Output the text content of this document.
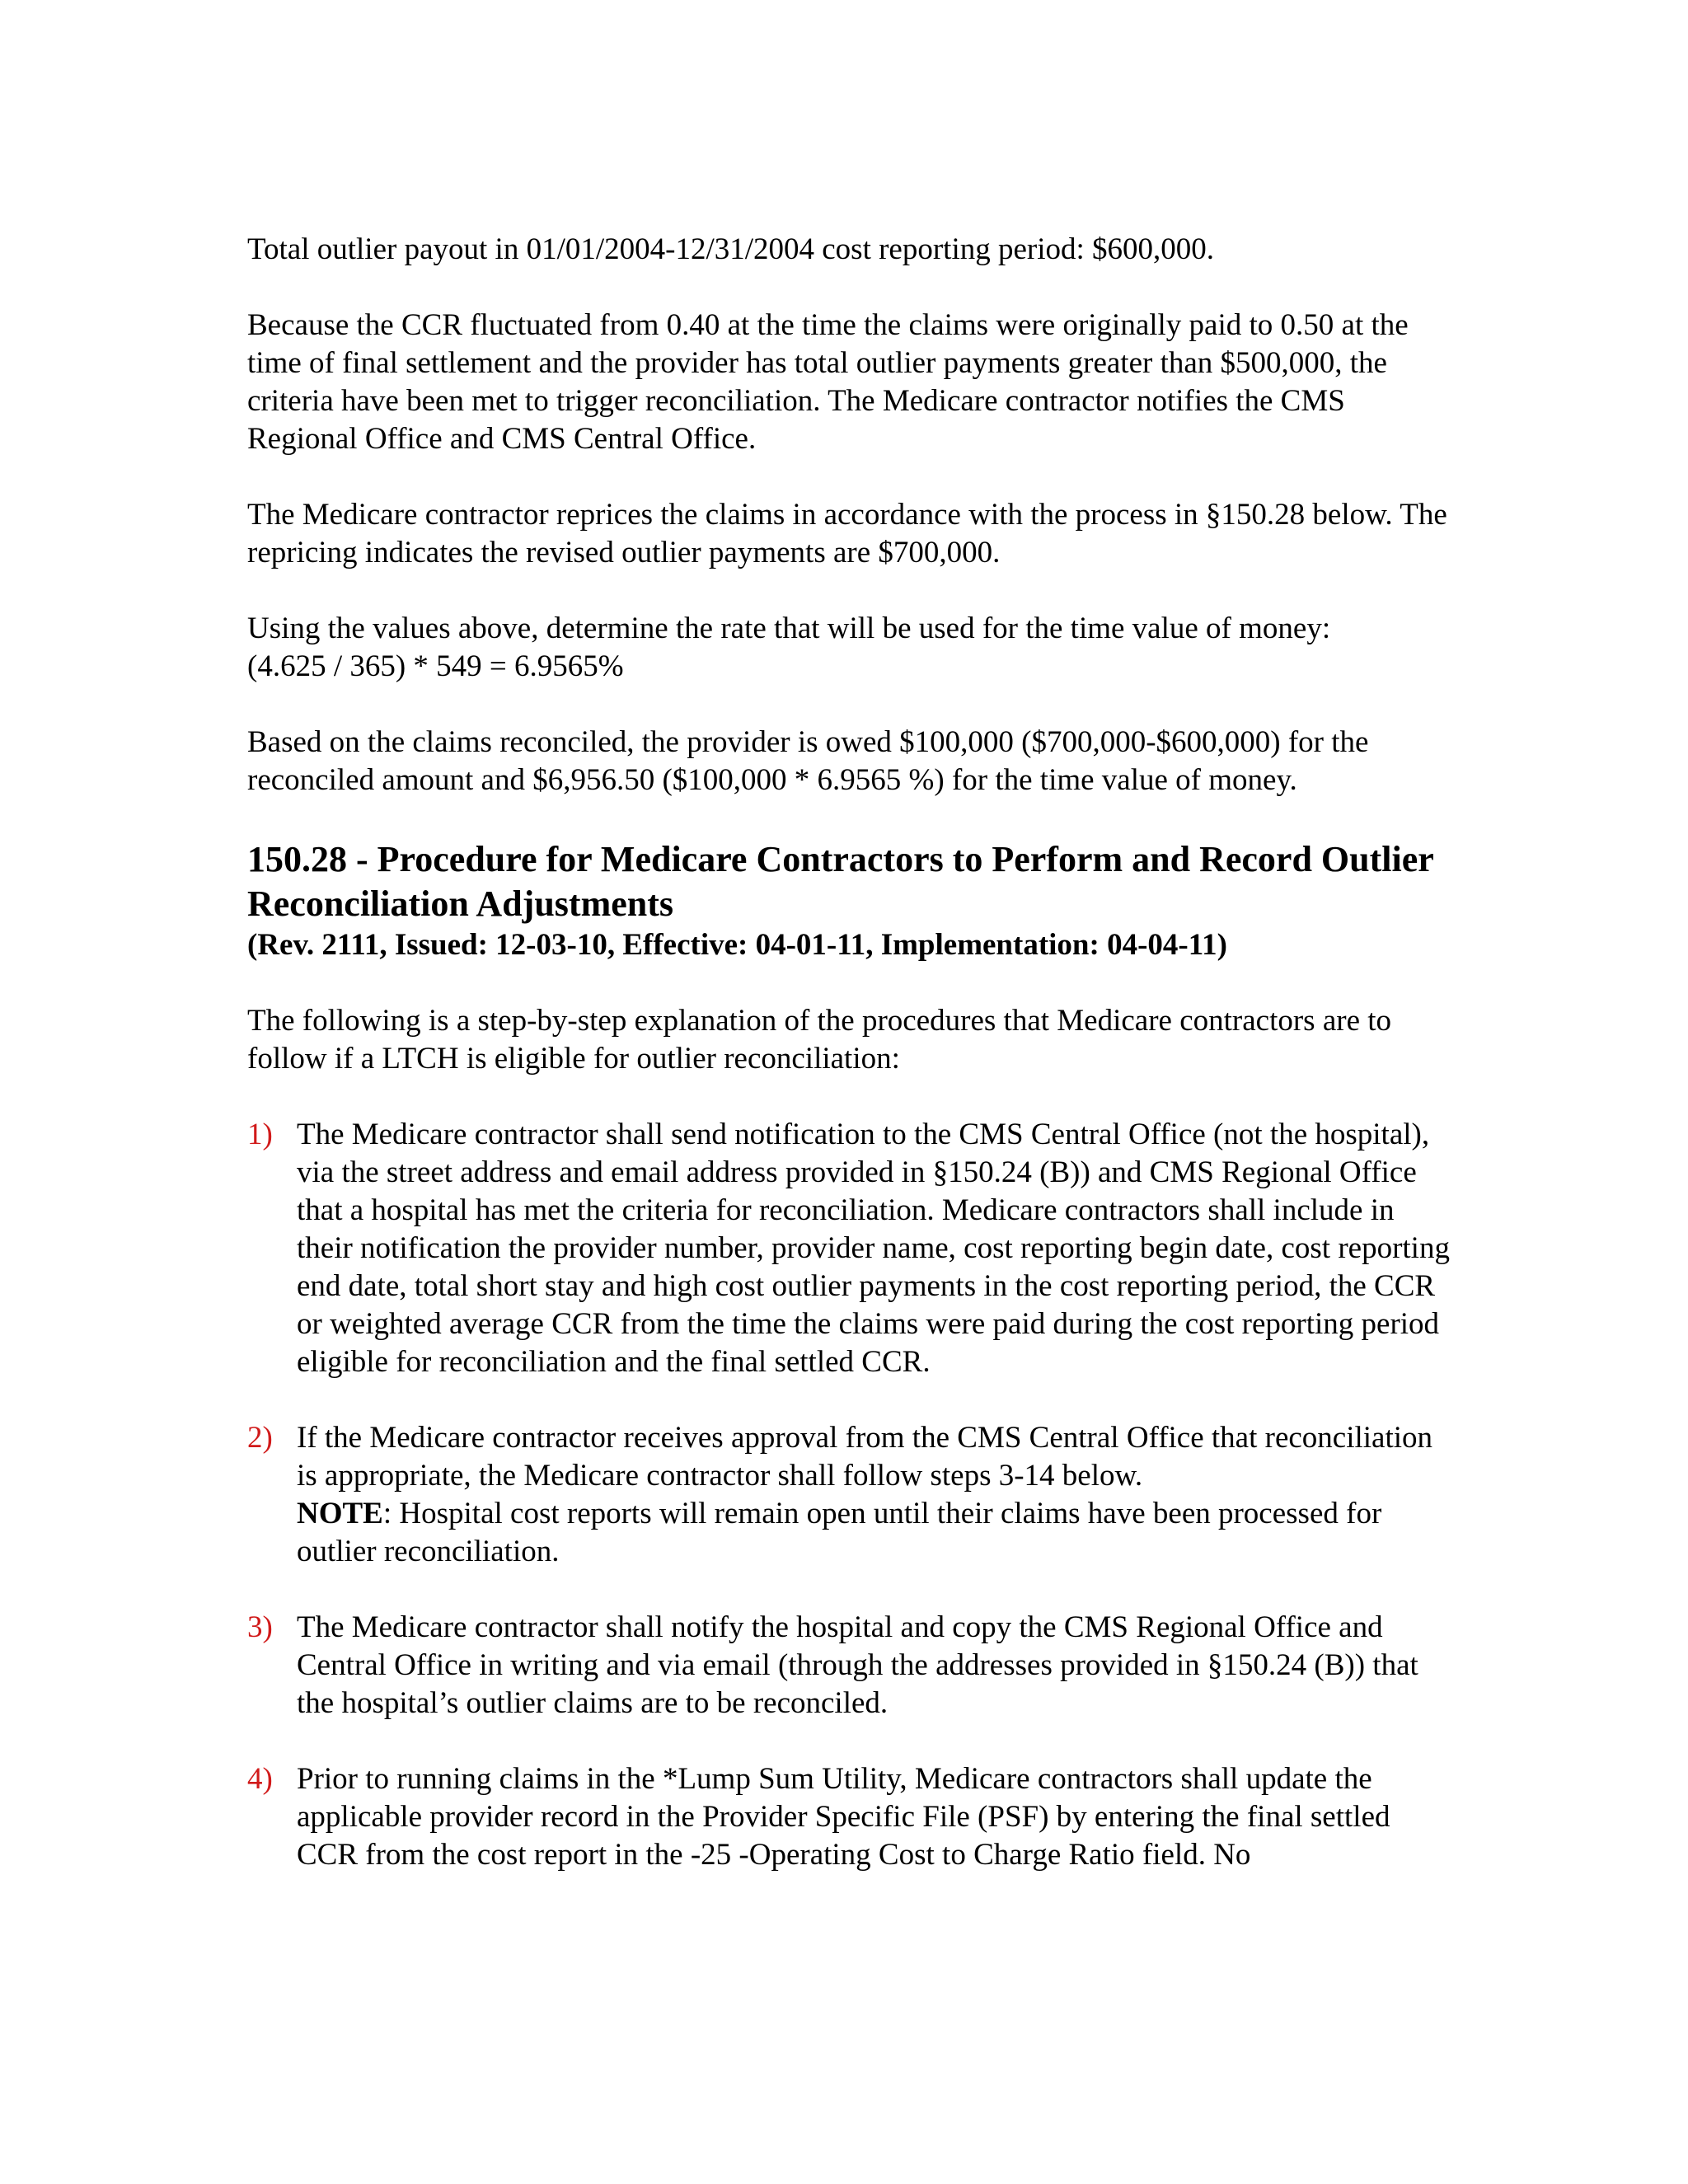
Total outlier payout in 01/01/2004-12/31/2004 cost reporting period: $600,000.

Because the CCR fluctuated from 0.40 at the time the claims were originally paid to 0.50 at the time of final settlement and the provider has total outlier payments greater than $500,000, the criteria have been met to trigger reconciliation. The Medicare contractor notifies the CMS Regional Office and CMS Central Office.

The Medicare contractor reprices the claims in accordance with the process in §150.28 below. The repricing indicates the revised outlier payments are $700,000.

Using the values above, determine the rate that will be used for the time value of money:
(4.625 / 365) * 549 = 6.9565%

Based on the claims reconciled, the provider is owed $100,000 ($700,000-$600,000) for the reconciled amount and $6,956.50 ($100,000 * 6.9565 %) for the time value of money.

150.28 - Procedure for Medicare Contractors to Perform and Record Outlier Reconciliation Adjustments

(Rev. 2111, Issued: 12-03-10, Effective: 04-01-11, Implementation: 04-04-11)

The following is a step-by-step explanation of the procedures that Medicare contractors are to follow if a LTCH is eligible for outlier reconciliation:

1) The Medicare contractor shall send notification to the CMS Central Office (not the hospital), via the street address and email address provided in §150.24 (B)) and CMS Regional Office that a hospital has met the criteria for reconciliation. Medicare contractors shall include in their notification the provider number, provider name, cost reporting begin date, cost reporting end date, total short stay and high cost outlier payments in the cost reporting period, the CCR or weighted average CCR from the time the claims were paid during the cost reporting period eligible for reconciliation and the final settled CCR.
2) If the Medicare contractor receives approval from the CMS Central Office that reconciliation is appropriate, the Medicare contractor shall follow steps 3-14 below.
NOTE: Hospital cost reports will remain open until their claims have been processed for outlier reconciliation.
3) The Medicare contractor shall notify the hospital and copy the CMS Regional Office and Central Office in writing and via email (through the addresses provided in §150.24 (B)) that the hospital’s outlier claims are to be reconciled.
4) Prior to running claims in the *Lump Sum Utility, Medicare contractors shall update the applicable provider record in the Provider Specific File (PSF) by entering the final settled CCR from the cost report in the -25 -Operating Cost to Charge Ratio field. No
